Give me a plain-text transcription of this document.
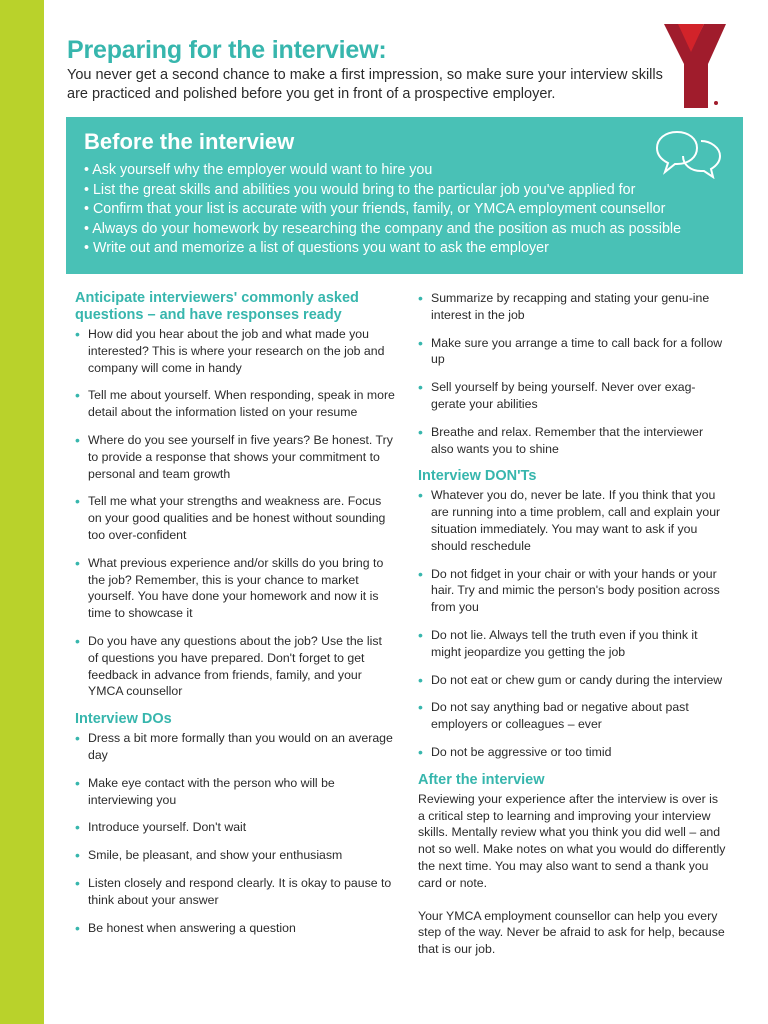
Preparing for the interview:

You never get a second chance to make a first impression, so make sure your interview skills are practiced and polished before you get in front of a prospective employer.

Before the interview
• Ask yourself why the employer would want to hire you
• List the great skills and abilities you would bring to the particular job you've applied for
• Confirm that your list is accurate with your friends, family, or YMCA employment counsellor
• Always do your homework by researching the company and the position as much as possible
• Write out and memorize a list of questions you want to ask the employer
Anticipate interviewers' commonly asked questions – and have responses ready
• How did you hear about the job and what made you interested? This is where your research on the job and company will come in handy
• Tell me about yourself. When responding, speak in more detail about the information listed on your resume
• Where do you see yourself in five years? Be honest. Try to provide a response that shows your commitment to personal and team growth
• Tell me what your strengths and weakness are. Focus on your good qualities and be honest without sounding too over-confident
• What previous experience and/or skills do you bring to the job? Remember, this is your chance to market yourself. You have done your homework and now it is time to showcase it
• Do you have any questions about the job? Use the list of questions you have prepared. Don't forget to get feedback in advance from friends, family, and your YMCA counsellor
Interview DOs
• Dress a bit more formally than you would on an average day
• Make eye contact with the person who will be interviewing you
• Introduce yourself. Don't wait
• Smile, be pleasant, and show your enthusiasm
• Listen closely and respond clearly. It is okay to pause to think about your answer
• Be honest when answering a question
• Summarize by recapping and stating your genu-ine interest in the job
• Make sure you arrange a time to call back for a follow up
• Sell yourself by being yourself. Never over exag-gerate your abilities
• Breathe and relax. Remember that the interviewer also wants you to shine
Interview DON'Ts
• Whatever you do, never be late. If you think that you are running into a time problem, call and explain your situation immediately. You may want to ask if you should reschedule
• Do not fidget in your chair or with your hands or your hair. Try and mimic the person's body position across from you
• Do not lie. Always tell the truth even if you think it might jeopardize you getting the job
• Do not eat or chew gum or candy during the interview
• Do not say anything bad or negative about past employers or colleagues – ever
• Do not be aggressive or too timid
After the interview

Reviewing your experience after the interview is over is a critical step to learning and improving your interview skills. Mentally review what you think you did well – and not so well. Make notes on what you would do differently the next time. You may also want to send a thank you card or note.

Your YMCA employment counsellor can help you every step of the way. Never be afraid to ask for help, because that is our job.
